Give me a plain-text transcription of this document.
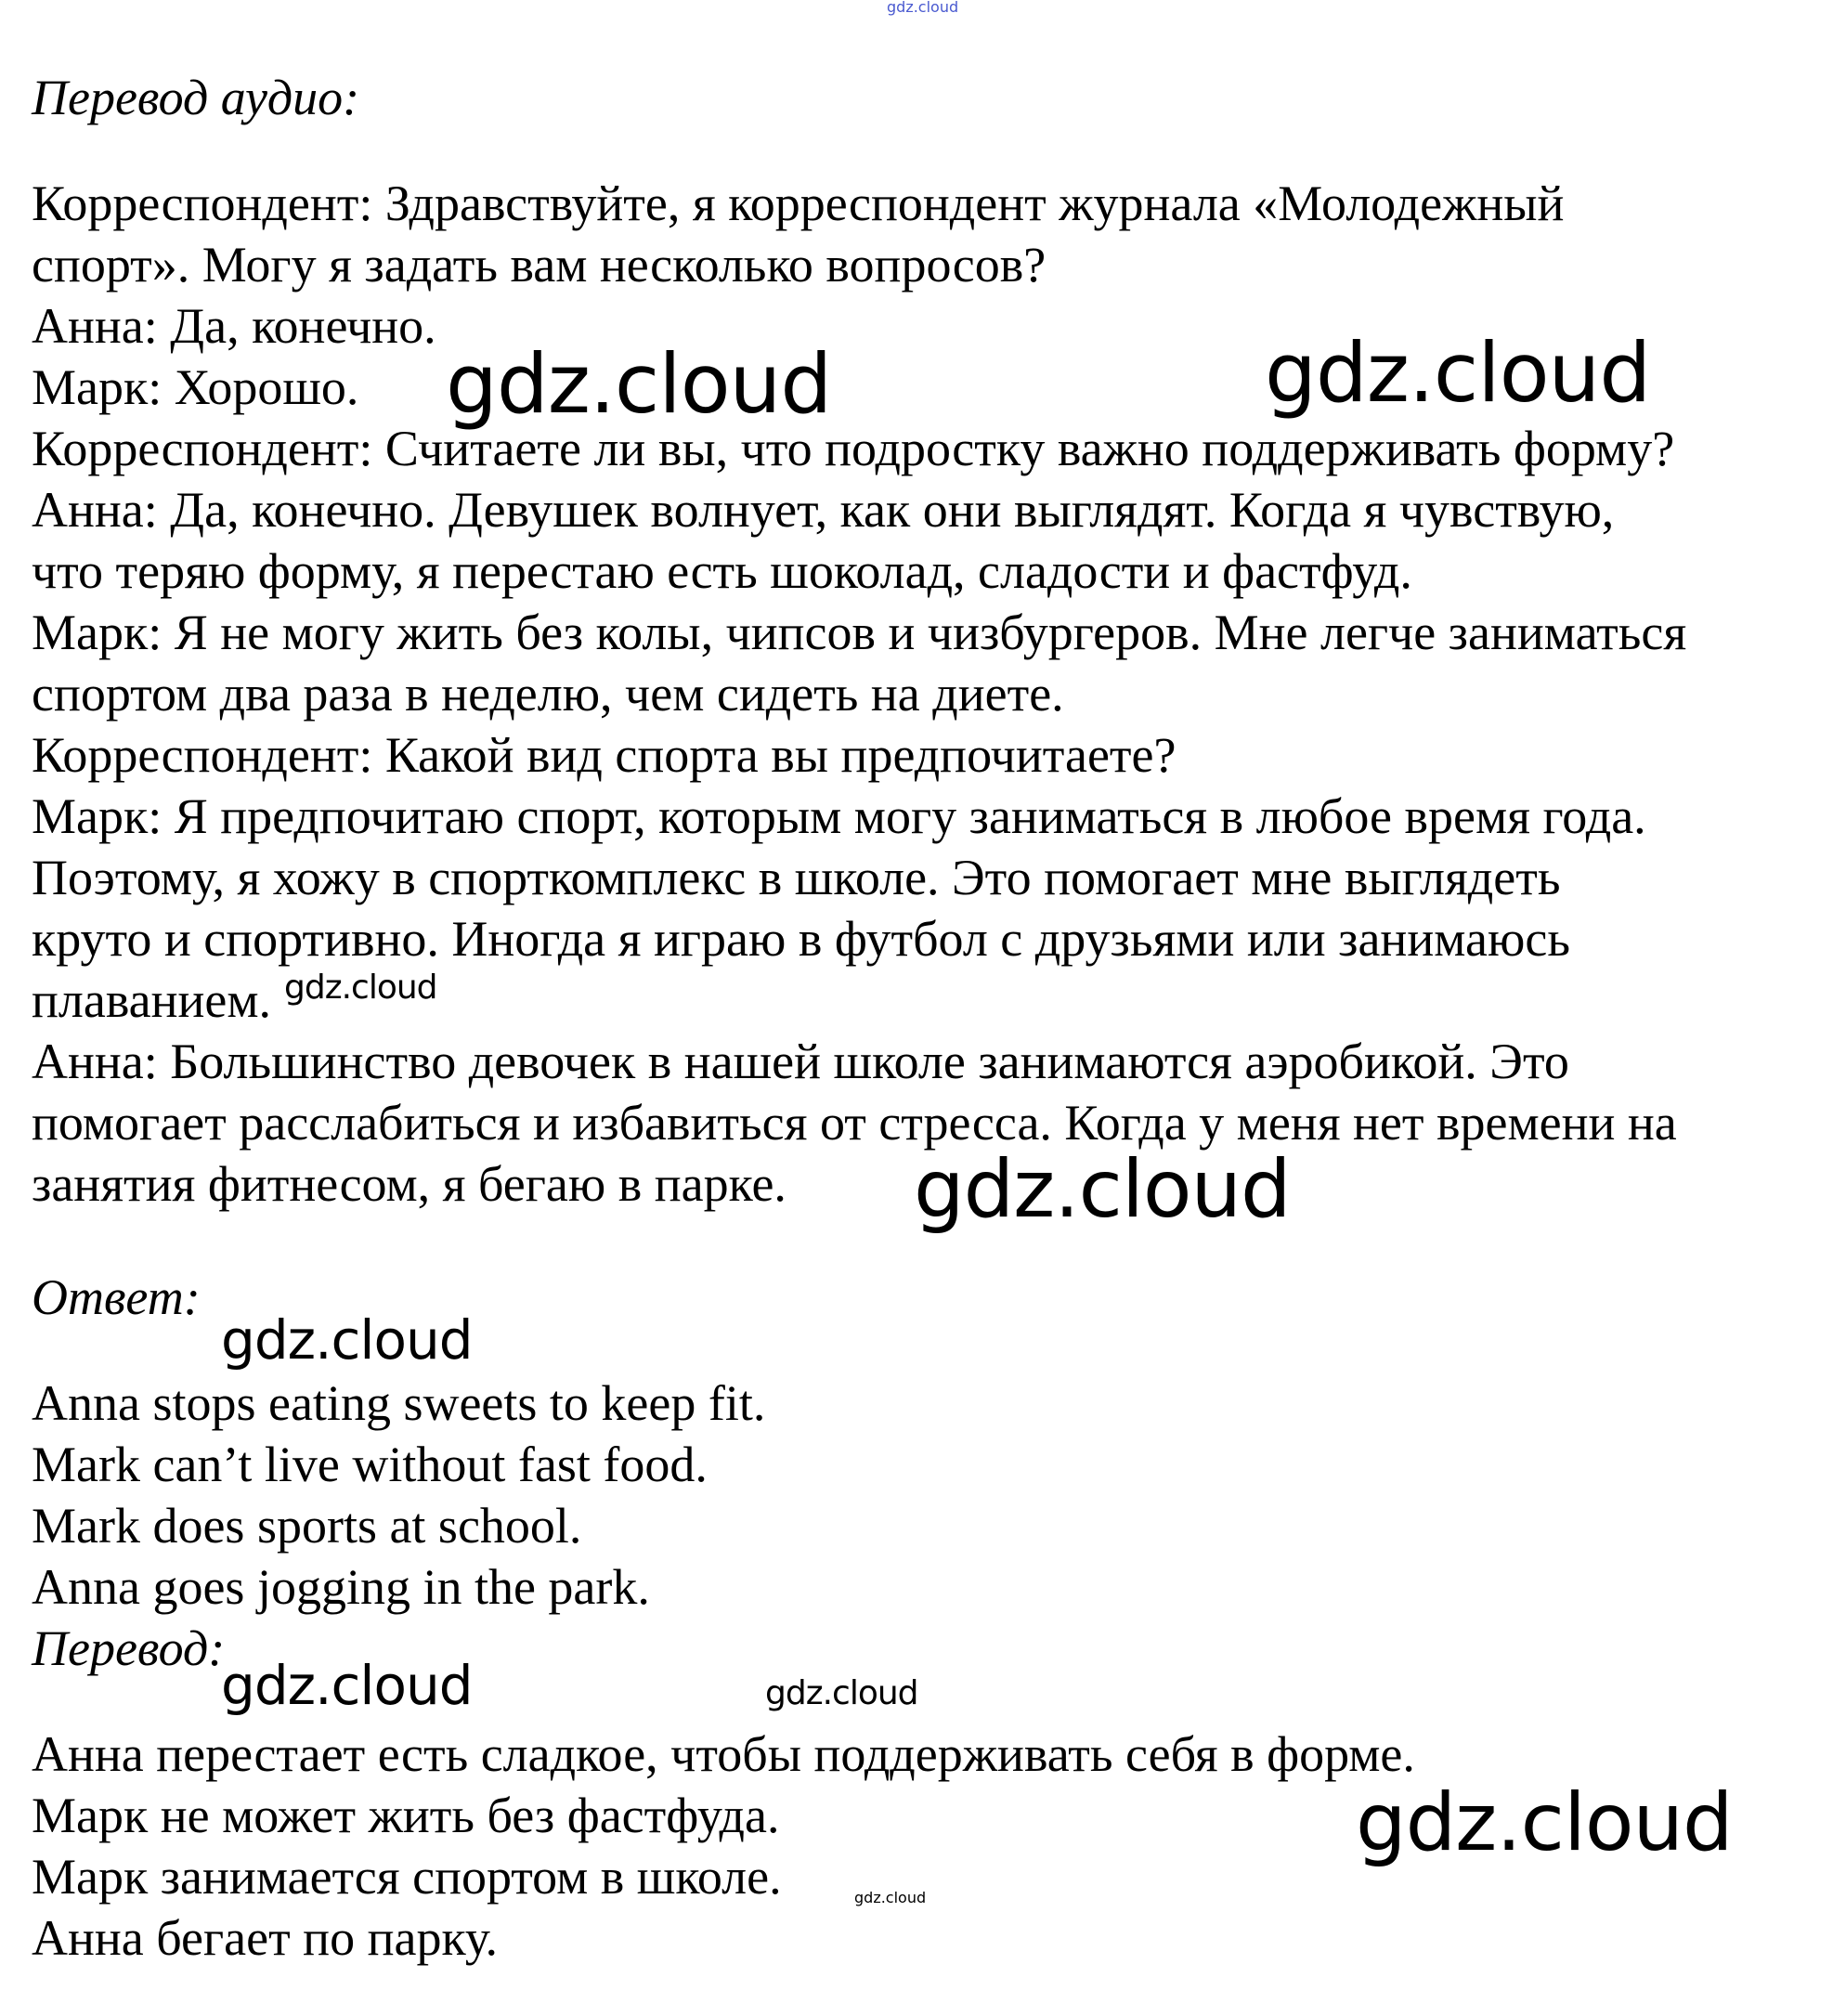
gdz.cloud
Перевод аудио:
Корреспондент: Здравствуйте, я корреспондент журнала «Молодежный
спорт». Могу я задать вам несколько вопросов?
Анна: Да, конечно.
Марк: Хорошо.
Корреспондент: Считаете ли вы, что подростку важно поддерживать форму?
Анна: Да, конечно. Девушек волнует, как они выглядят. Когда я чувствую,
что теряю форму, я перестаю есть шоколад, сладости и фастфуд.
Марк: Я не могу жить без колы, чипсов и чизбургеров. Мне легче заниматься
спортом два раза в неделю, чем сидеть на диете.
Корреспондент: Какой вид спорта вы предпочитаете?
Марк: Я предпочитаю спорт, которым могу заниматься в любое время года.
Поэтому, я хожу в спорткомплекс в школе. Это помогает мне выглядеть
круто и спортивно. Иногда я играю в футбол с друзьями или занимаюсь
плаванием.
Анна: Большинство девочек в нашей школе занимаются аэробикой. Это
помогает расслабиться и избавиться от стресса. Когда у меня нет времени на
занятия фитнесом, я бегаю в парке.
Ответ:
Anna stops eating sweets to keep fit.
Mark can’t live without fast food.
Mark does sports at school.
Anna goes jogging in the park.
Перевод:
Анна перестает есть сладкое, чтобы поддерживать себя в форме.
Марк не может жить без фастфуда.
Марк занимается спортом в школе.
Анна бегает по парку.
gdz.cloud	gdz.cloud
gdz.cloud
gdz.cloud
gdz.cloud
gdz.cloud	gdz.cloud
gdz.cloud
gdz.cloud
